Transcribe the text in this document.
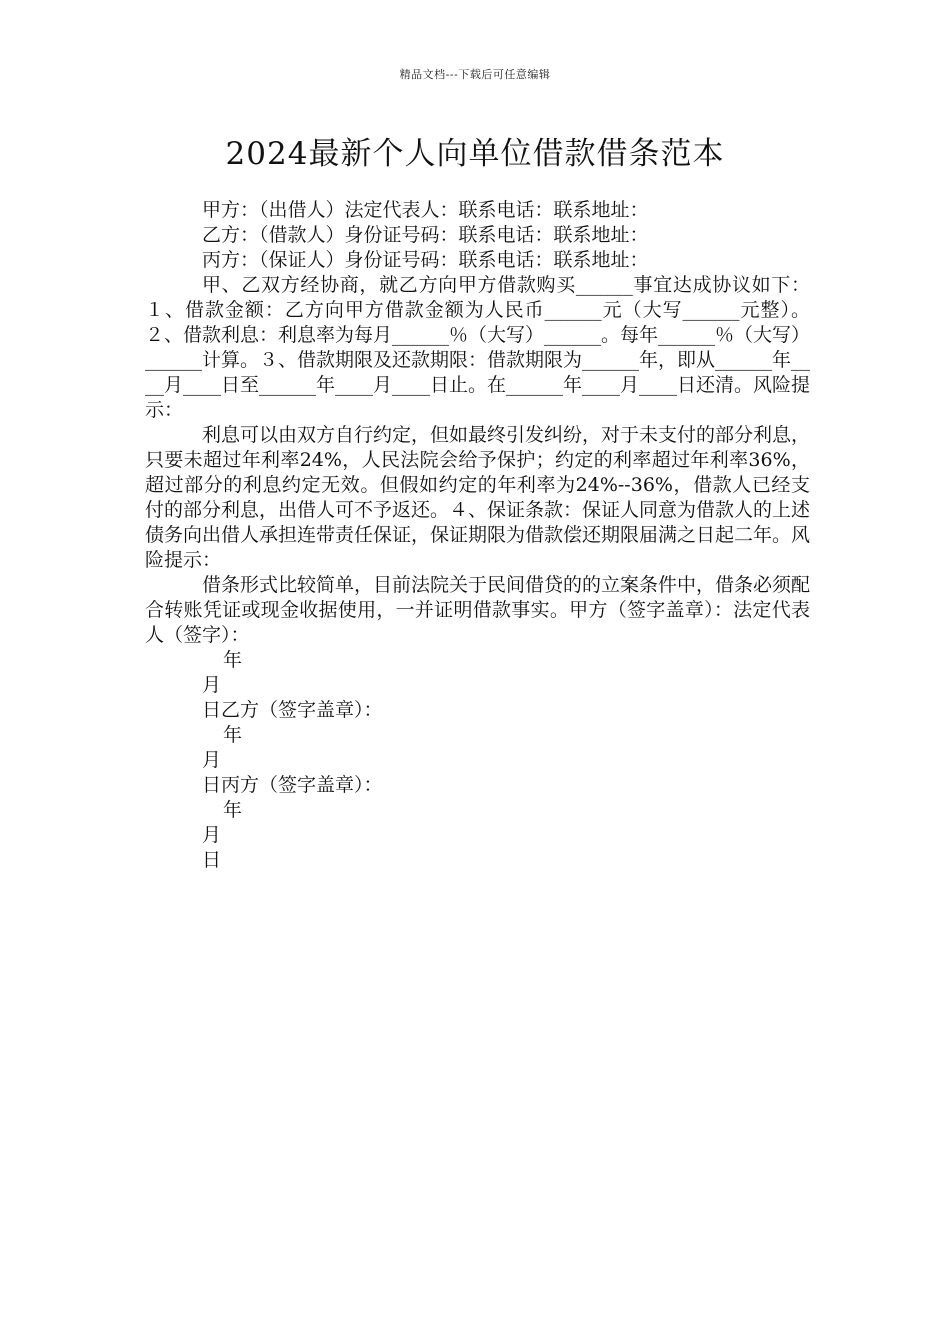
精品文档---下载后可任意编辑
2024最新个人向单位借款借条范本

甲方：（出借人）法定代表人：联系电话：联系地址：

乙方：（借款人）身份证号码：联系电话：联系地址：

丙方：（保证人）身份证号码：联系电话：联系地址：

甲、乙双方经协商，就乙方向甲方借款购买______事宜达成协议如下：１、借款金额：乙方向甲方借款金额为人民币______元（大写______元整）。２、借款利息：利息率为每月______％（大写）______。每年______％（大写）______计算。３、借款期限及还款期限：借款期限为______年，即从______年____月____日至______年____月____日止。在______年____月____日还清。风险提示：

利息可以由双方自行约定，但如最终引发纠纷，对于未支付的部分利息，只要未超过年利率24%，人民法院会给予保护；约定的利率超过年利率36%，超过部分的利息约定无效。但假如约定的年利率为24%--36%，借款人已经支付的部分利息，出借人可不予返还。４、保证条款：保证人同意为借款人的上述债务向出借人承担连带责任保证，保证期限为借款偿还期限届满之日起二年。风险提示：

借条形式比较简单，目前法院关于民间借贷的的立案条件中，借条必须配合转账凭证或现金收据使用，一并证明借款事实。甲方（签字盖章）：法定代表人（签字）：

年
月
日乙方（签字盖章）：
年
月
日丙方（签字盖章）：
年
月
日
